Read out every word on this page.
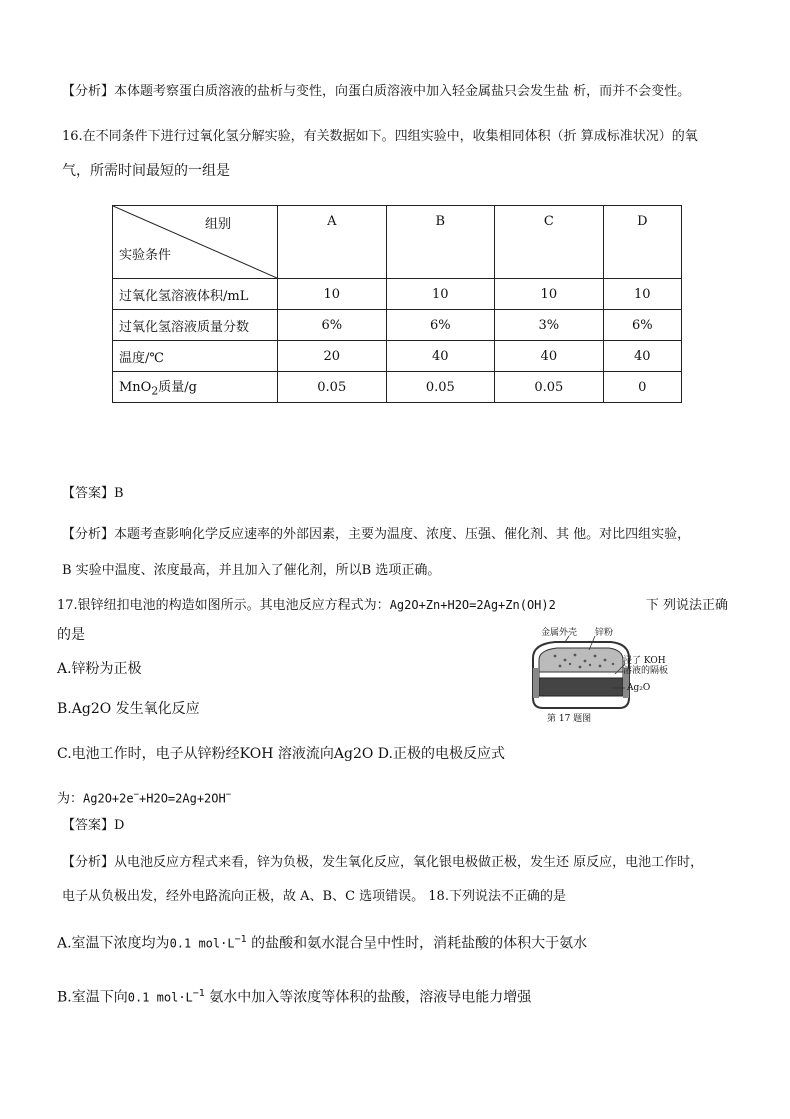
【分析】本体题考察蛋白质溶液的盐析与变性，向蛋白质溶液中加入轻金属盐只会发生盐 析，而并不会变性。
16.在不同条件下进行过氧化氢分解实验，有关数据如下。四组实验中，收集相同体积（折 算成标准状况）的氧
气，所需时间最短的一组是
组别
实验条件	A	B	C	D
过氧化氢溶液体积/mL	10	10	10	10
过氧化氢溶液质量分数	6%	6%	3%	6%
温度/℃	20	40	40	40
MnO$_2$质量/g	0.05	0.05	0.05	0
【答案】B
【分析】本题考查影响化学反应速率的外部因素，主要为温度、浓度、压强、催化剂、其 他。对比四组实验，
B 实验中温度、浓度最高，并且加入了催化剂，所以B 选项正确。
17.银锌纽扣电池的构造如图所示。其电池反应方程式为：Ag2O+Zn+H2O=2Ag+Zn(OH)2	下 列说法正确
的是
A.锌粉为正极
B.Ag2O 发生氧化反应
C.电池工作时，电子从锌粉经KOH 溶液流向Ag2O D.正极的电极反应式
为：Ag2O+2e−+H2O=2Ag+2OH−
金属外壳 锌粉
浸了 KOH
溶液的隔板
Ag₂O
第 17 题图
【答案】D
【分析】从电池反应方程式来看，锌为负极，发生氧化反应，氧化银电极做正极，发生还 原反应，电池工作时，
电子从负极出发，经外电路流向正极，故 A、B、C 选项错误。 18.下列说法不正确的是
A.室温下浓度均为0.1 $mol\cdot L^{-1}$ 的盐酸和氨水混合呈中性时，消耗盐酸的体积大于氨水
B.室温下向0.1 $mol\cdot L^{-1}$ 氨水中加入等浓度等体积的盐酸，溶液导电能力增强
